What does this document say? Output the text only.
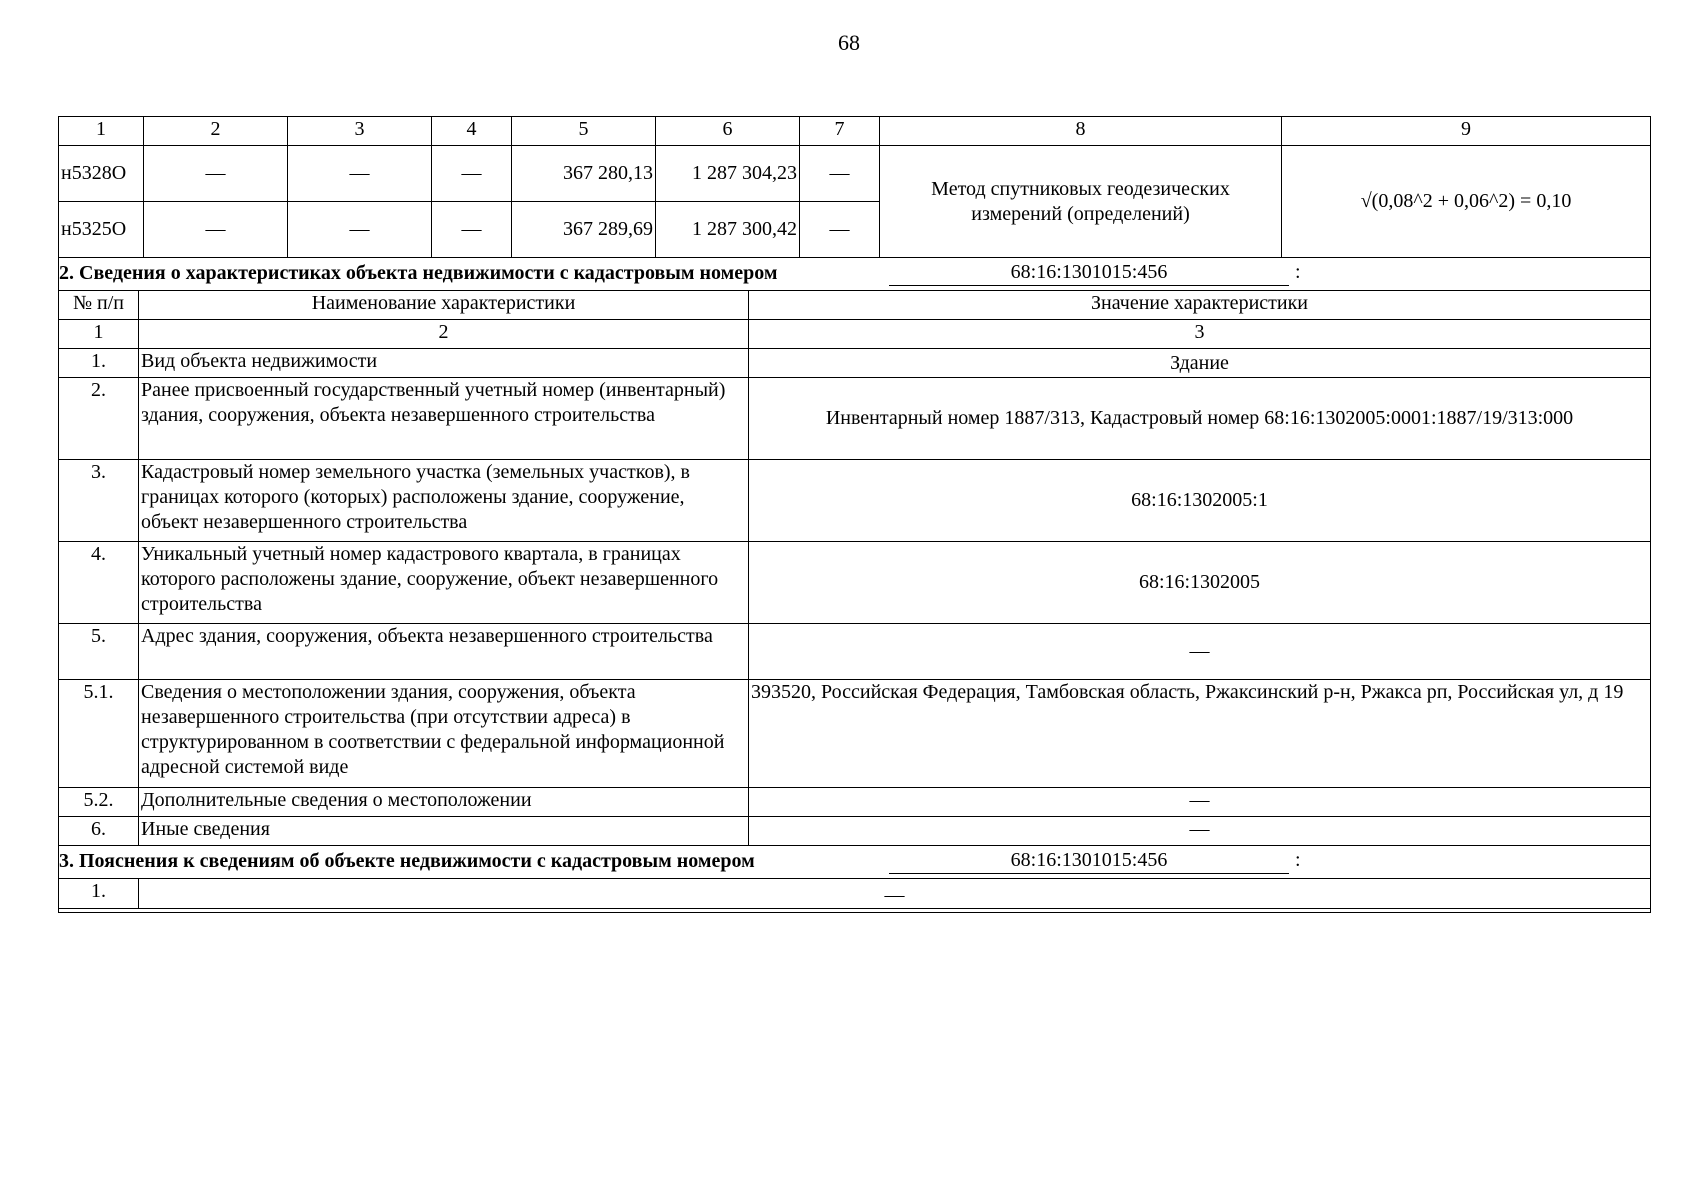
68
1	2	3	4	5	6	7	8	9
н5328О	—	—	—	367 280,13	1 287 304,23	—	Метод спутниковых геодезических измерений (определений)	√(0,08^2 + 0,06^2) = 0,10
н5325О	—	—	—	367 289,69	1 287 300,42	—		
2. Сведения о характеристиках объекта недвижимости с кадастровым номером 68:16:1301015:456 :		

№ п/п	Наименование характеристики	Значение характеристики
1	2	3
1.	Вид объекта недвижимости	Здание
2.	Ранее присвоенный государственный учетный номер (инвентарный) здания, сооружения, объекта незавершенного строительства	Инвентарный номер 1887/313, Кадастровый номер 68:16:1302005:0001:1887/19/313:000
3.	Кадастровый номер земельного участка (земельных участков), в границах которого (которых) расположены здание, сооружение, объект незавершенного строительства	68:16:1302005:1
4.	Уникальный учетный номер кадастрового квартала, в границах которого расположены здание, сооружение, объект незавершенного строительства	68:16:1302005
5.	Адрес здания, сооружения, объекта незавершенного строительства	—
5.1.	Сведения о местоположении здания, сооружения, объекта незавершенного строительства (при отсутствии адреса) в структурированном в соответствии с федеральной информационной адресной системой виде	393520, Российская Федерация, Тамбовская область, Ржаксинский р-н, Ржакса рп, Российская ул, д 19
5.2.	Дополнительные сведения о местоположении	—
6.	Иные сведения	—

3. Пояснения к сведениям об объекте недвижимости с кадастровым номером 68:16:1301015:456 :		

1.	—	
